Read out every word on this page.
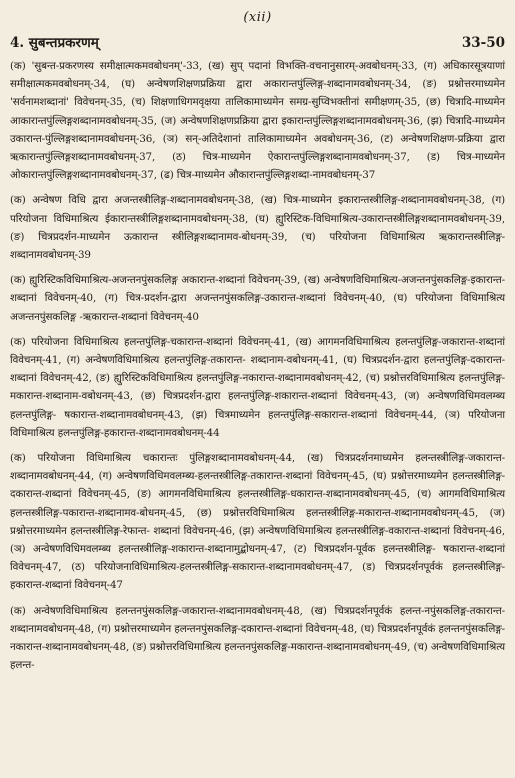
(xii)
4. सुबन्तप्रकरणम्	33-50

(क) 'सुबन्त-प्रकरणस्य समीक्षात्मकमवबोधनम्'-33, (ख) सुप् पदानां विभक्ति-वचनानुसारम्-अवबोधनम्-33, (ग) अधिकारसूत्रयाणां समीक्षात्मकमवबोधनम्-34, (घ) अन्वेषणशिक्षणप्रक्रिया द्वारा अकारान्तपुंल्लिङ्ग-शब्दानामवबोधनम्-34, (ङ) प्रश्नोत्तरमाध्यमेन 'सर्वनामशब्दानां' विवेचनम्-35, (च) शिक्षणाधिगमवृक्षया तालिकामाध्यमेन समग्र-सुप्विभक्तीनां समीक्षणम्-35, (छ) चित्रादि-माध्यमेन आकारान्तपुंल्लिङ्गशब्दानामवबोधनम्-35, (ज) अन्वेषणशिक्षणप्रक्रिया द्वारा इकारान्तपुंल्लिङ्गशब्दानामवबोधनम्-36, (झ) चित्रादि-माध्यमेन उकारान्त-पुंल्लिङ्गशब्दानामवबोधनम्-36, (ञ) सन्-अतिदेशानां तालिकामाध्यमेन अवबोधनम्-36, (ट) अन्वेषणशिक्षण-प्रक्रिया द्वारा ऋकारान्तपुंल्लिङ्गशब्दानामवबोधनम्-37, (ठ) चित्र-माध्यमेन ऐकारान्तपुंल्लिङ्गशब्दानामवबोधनम्-37, (ड) चित्र-माध्यमेन ओकारान्तपुंल्लिङ्गशब्दानामवबोधनम्-37, (ढ) चित्र-माध्यमेन औकारान्तपुंल्लिङ्गशब्दा-नामवबोधनम्-37

(क) अन्वेषण विधि द्वारा अजन्तस्त्रीलिङ्ग-शब्दानामवबोधनम्-38, (ख) चित्र-माध्यमेन इकारान्तस्त्रीलिङ्ग-शब्दानामवबोधनम्-38, (ग) परियोजना विधिमाश्रित्य ईकारान्तस्त्रीलिङ्गशब्दानामवबोधनम्-38, (घ) ह्युरिस्टिक-विधिमाश्रित्य-उकारान्तस्त्रीलिङ्गशब्दानामवबोधनम्-39, (ङ) चित्रप्रदर्शन-माध्यमेन ऊकारान्त स्त्रीलिङ्गशब्दानामव-बोधनम्-39, (च) परियोजना विधिमाश्रित्य ऋकारान्तस्त्रीलिङ्ग-शब्दानामवबोधनम्-39

(क) ह्युरिस्टिकविधिमाश्रित्य-अजन्तनपुंसकलिङ्ग अकारान्त-शब्दानां विवेचनम्-39, (ख) अन्वेषणविधिमाश्रित्य-अजन्तनपुंसकलिङ्ग-इकारान्त-शब्दानां विवेचनम्-40, (ग) चित्र-प्रदर्शन-द्वारा अजन्तनपुंसकलिङ्ग-उकारान्त-शब्दानां विवेचनम्-40, (घ) परियोजना विधिमाश्रित्य अजन्तनपुंसकलिङ्ग -ऋकारान्त-शब्दानां विवेचनम्-40

(क) परियोजना विधिमाश्रित्य हलन्तपुंलिङ्ग-चकारान्त-शब्दानां विवेचनम्-41, (ख) आगमनविधिमाश्रित्य हलन्तपुंलिङ्ग-जकारान्त-शब्दानां विवेचनम्-41, (ग) अन्वेषणविधिमाश्रित्य हलन्तपुंलिङ्ग-तकारान्त- शब्दानाम-वबोधनम्-41, (घ) चित्रप्रदर्शन-द्वारा हलन्तपुंलिङ्ग-दकारान्त- शब्दानां विवेचनम्-42, (ङ) ह्युरिस्टिकविधिमाश्रित्य हलन्तपुंलिङ्ग-नकारान्त-शब्दानामवबोधनम्-42, (च) प्रश्नोत्तरविधिमाश्रित्य हलन्तपुंलिङ्ग-मकारान्त-शब्दानाम-वबोधनम्-43, (छ) चित्रप्रदर्शन-द्वारा हलन्तपुंलिङ्ग-शकारान्त-शब्दानां विवेचनम्-43, (ज) अन्वेषणविधिमवलम्ब्य हलन्तपुंलिङ्ग- षकारान्त-शब्दानामवबोधनम्-43, (झ) चित्रमाध्यमेन हलन्तपुंलिङ्ग-सकारान्त-शब्दानां विवेचनम्-44, (ञ) परियोजना विधिमाश्रित्य हलन्तपुंलिङ्ग-हकारान्त-शब्दानामवबोधनम्-44

(क) परियोजना विधिमाश्रित्य चकारान्तः पुंलिङ्गशब्दानामवबोधनम्-44, (ख) चित्रप्रदर्शनमाध्यमेन हलन्तस्त्रीलिङ्ग-जकारान्त-शब्दानामवबोधनम्-44, (ग) अन्वेषणविधिमवलम्ब्य-हलन्तस्त्रीलिङ्ग-तकारान्त-शब्दानां विवेचनम्-45, (घ) प्रश्नोत्तरमाध्यमेन हलन्तस्त्रीलिङ्ग-दकारान्त-शब्दानां विवेचनम्-45, (ङ) आगमनविधिमाश्रित्य हलन्तस्त्रीलिङ्ग-धकारान्त-शब्दानामवबोधनम्-45, (च) आगमविधिमाश्रित्य हलन्तस्त्रीलिङ्ग-पकारान्त-शब्दानामव-बोधनम्-45, (छ) प्रश्नोत्तरविधिमाश्रित्य हलन्तस्त्रीलिङ्ग-मकारान्त-शब्दानामवबोधनम्-45, (ज) प्रश्नोत्तरमाध्यमेन हलन्तस्त्रीलिङ्ग-रेफान्त- शब्दानां विवेचनम्-46, (झ) अन्वेषणविधिमाश्रित्य हलन्तस्त्रीलिङ्ग-वकारान्त-शब्दानां विवेचनम्-46, (ञ) अन्वेषणविधिमवलम्ब्य हलन्तस्त्रीलिङ्ग-शकारान्त-शब्दानामुद्बोधनम्-47, (ट) चित्रप्रदर्शन-पूर्वक हलन्तस्त्रीलिङ्ग- षकारान्त-शब्दानां विवेचनम्-47, (ठ) परियोजनाविधिमाश्रित्य-हलन्तस्त्रीलिङ्ग-सकारान्त-शब्दानामवबोधनम्-47, (ड) चित्रप्रदर्शनपूर्वकं हलन्तस्त्रीलिङ्ग-हकारान्त-शब्दानां विवेचनम्-47

(क) अन्वेषणविधिमाश्रित्य हलन्तनपुंसकलिङ्ग-जकारान्त-शब्दानामवबोधनम्-48, (ख) चित्रप्रदर्शनपूर्वकं हलन्त-नपुंसकलिङ्ग-तकारान्त- शब्दानामवबोधनम्-48, (ग) प्रश्नोत्तरमाध्यमेन हलन्तनपुंसकलिङ्ग-दकारान्त-शब्दानां विवेचनम्-48, (घ) चित्रप्रदर्शनपूर्वकं हलन्तनपुंसकलिङ्ग-नकारान्त-शब्दानामवबोधनम्-48, (ङ) प्रश्नोत्तरविधिमाश्रित्य हलन्तनपुंसकलिङ्ग-मकारान्त-शब्दानामवबोधनम्-49, (च) अन्वेषणविधिमाश्रित्य हलन्त-
